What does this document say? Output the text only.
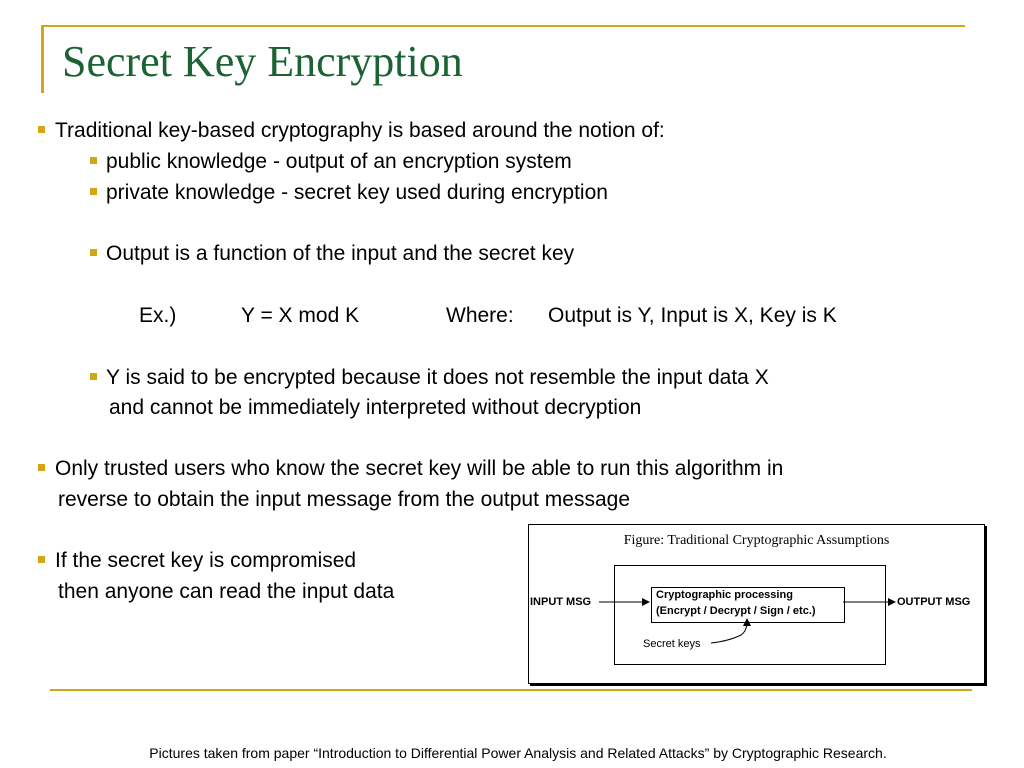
Secret Key Encryption
Traditional key-based cryptography is based around the notion of:
public knowledge - output of an encryption system
private knowledge - secret key used during encryption
Output is a function of the input and the secret key
Ex.)	Y = X mod K	Where: Output is Y, Input is X, Key is K
Y is said to be encrypted because it does not resemble the input data X
and cannot be immediately interpreted without decryption
Only trusted users who know the secret key will be able to run this algorithm in
reverse to obtain the input message from the output message
If the secret key is compromised
then anyone can read the input data
Figure: Traditional Cryptographic Assumptions
INPUT MSG	OUTPUT MSG
Cryptographic processing
(Encrypt / Decrypt / Sign / etc.)
Secret keys
Pictures taken from paper “Introduction to Differential Power Analysis and Related Attacks” by Cryptographic Research.
